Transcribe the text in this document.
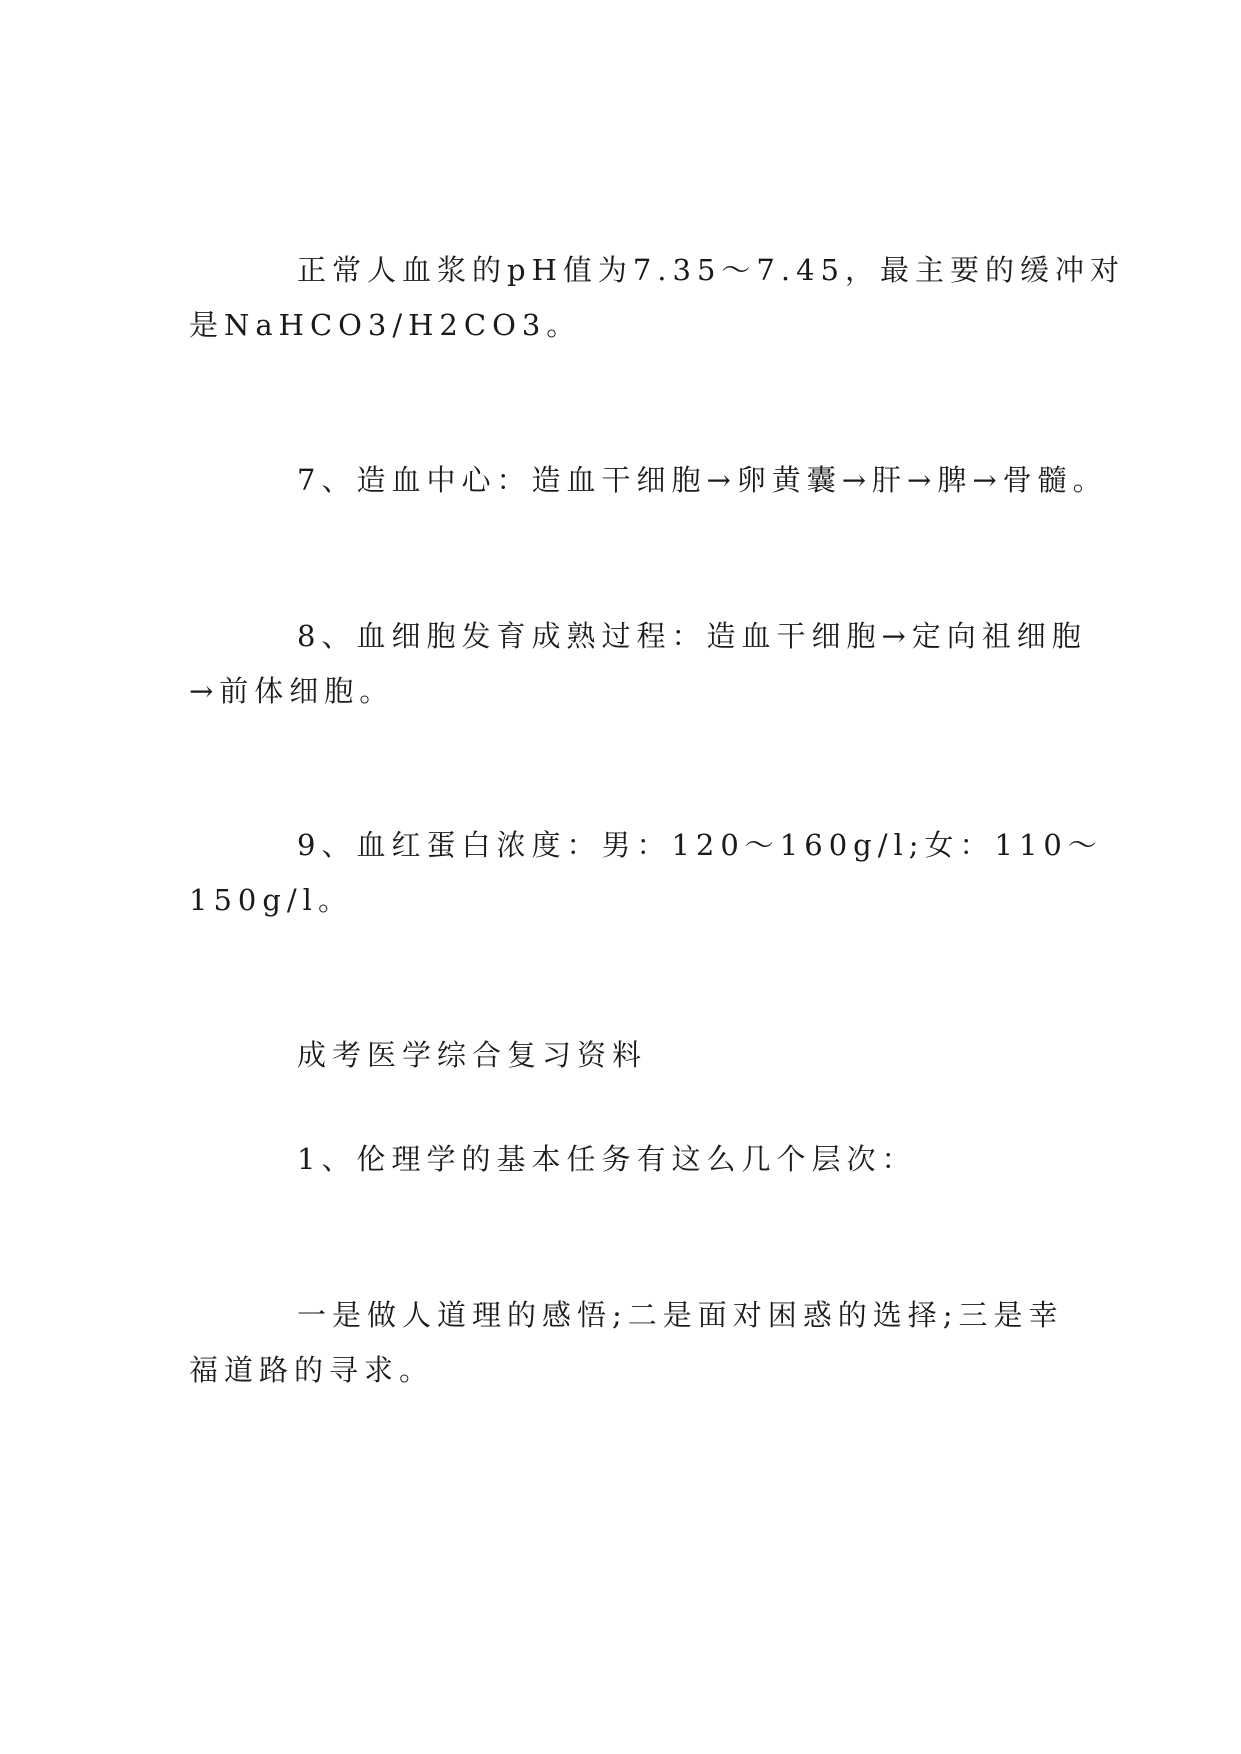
正常人血浆的pH值为7.35～7.45，最主要的缓冲对

是NaHCO3/H2CO3。

7、造血中心：造血干细胞→卵黄囊→肝→脾→骨髓。

8、血细胞发育成熟过程：造血干细胞→定向祖细胞

→前体细胞。

9、血红蛋白浓度：男：120～160g/l;女：110～

150g/l。

成考医学综合复习资料

1、伦理学的基本任务有这么几个层次：

一是做人道理的感悟;二是面对困惑的选择;三是幸

福道路的寻求。
